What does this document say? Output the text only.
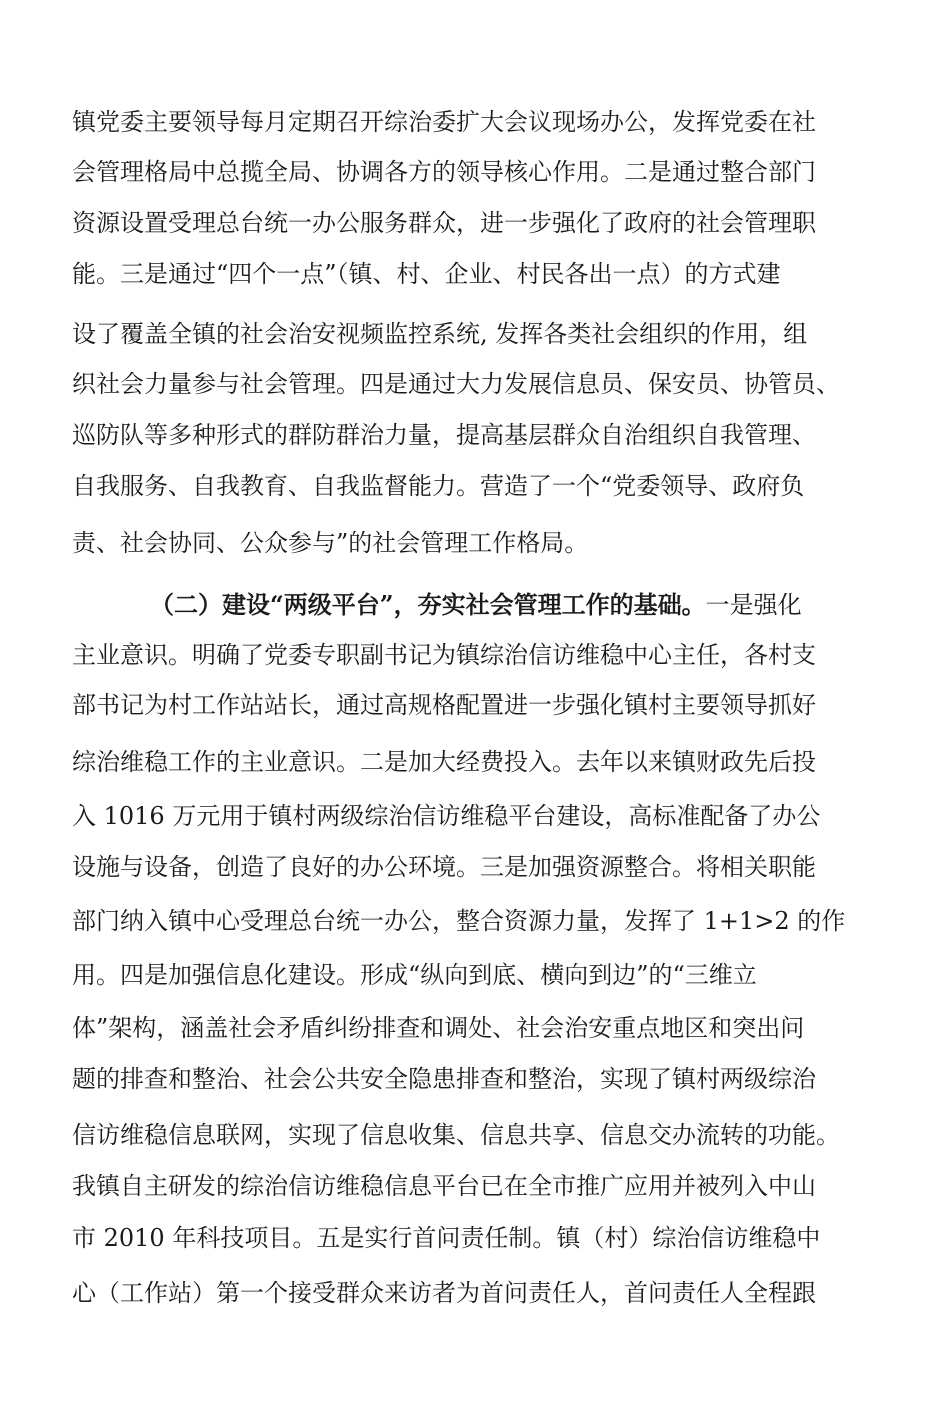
镇党委主要领导每月定期召开综治委扩大会议现场办公，发挥党委在社
会管理格局中总揽全局、协调各方的领导核心作用。二是通过整合部门
资源设置受理总台统一办公服务群众，进一步强化了政府的社会管理职
能。三是通过“四个一点”（镇、村、企业、村民各出一点）的方式建
设了覆盖全镇的社会治安视频监控系统, 发挥各类社会组织的作用，组
织社会力量参与社会管理。四是通过大力发展信息员、保安员、协管员、
巡防队等多种形式的群防群治力量，提高基层群众自治组织自我管理、
自我服务、自我教育、自我监督能力。营造了一个“党委领导、政府负
责、社会协同、公众参与”的社会管理工作格局。
（二）建设“两级平台”，夯实社会管理工作的基础。一是强化
主业意识。明确了党委专职副书记为镇综治信访维稳中心主任，各村支
部书记为村工作站站长，通过高规格配置进一步强化镇村主要领导抓好
综治维稳工作的主业意识。二是加大经费投入。去年以来镇财政先后投
入 1016 万元用于镇村两级综治信访维稳平台建设，高标准配备了办公
设施与设备，创造了良好的办公环境。三是加强资源整合。将相关职能
部门纳入镇中心受理总台统一办公，整合资源力量，发挥了 1+1>2 的作
用。四是加强信息化建设。形成“纵向到底、横向到边”的“三维立
体”架构，涵盖社会矛盾纠纷排查和调处、社会治安重点地区和突出问
题的排查和整治、社会公共安全隐患排查和整治，实现了镇村两级综治
信访维稳信息联网，实现了信息收集、信息共享、信息交办流转的功能。
我镇自主研发的综治信访维稳信息平台已在全市推广应用并被列入中山
市 2010 年科技项目。五是实行首问责任制。镇（村）综治信访维稳中
心（工作站）第一个接受群众来访者为首问责任人，首问责任人全程跟
